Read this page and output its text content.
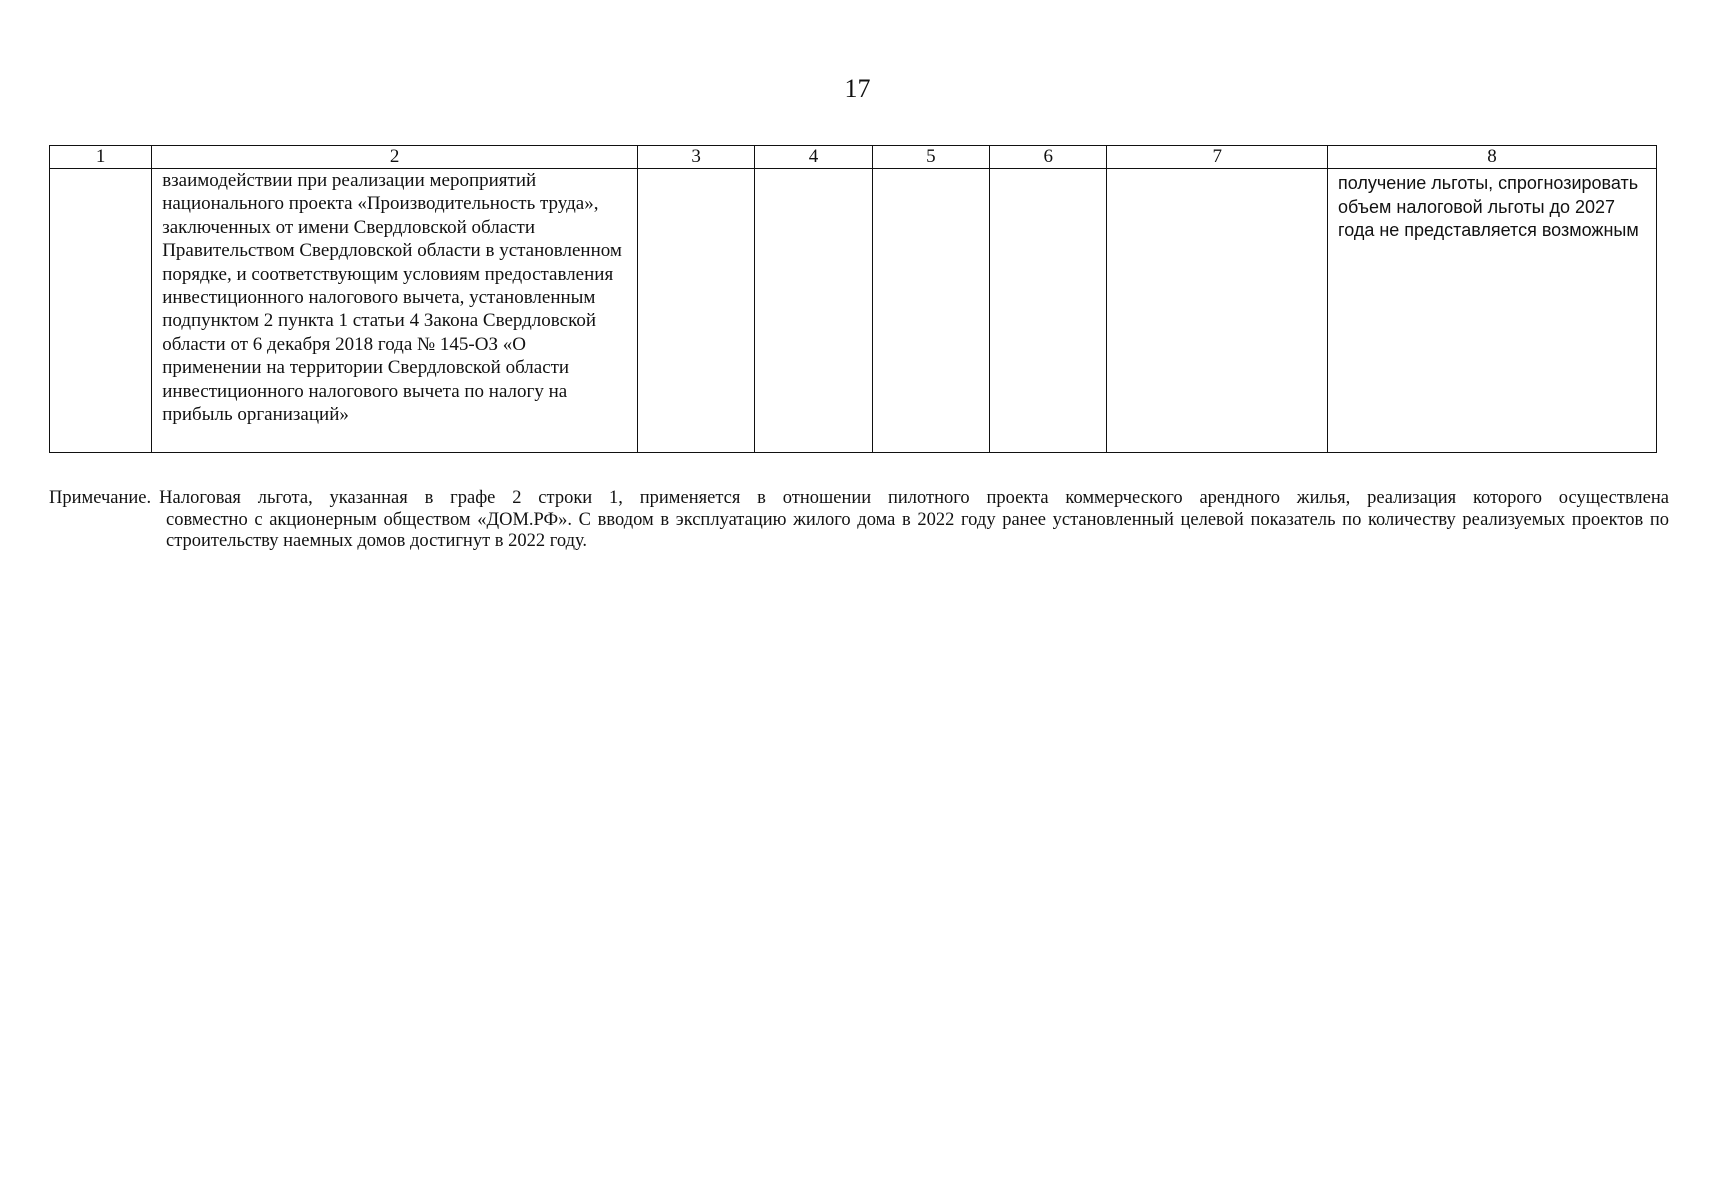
17
1	2	3	4	5	6	7	8
	взаимодействии при реализации мероприятий национального проекта «Производительность труда», заключенных от имени Свердловской области Правительством Свердловской области в установленном порядке, и соответствующим условиям предоставления инвестиционного налогового вычета, установленным подпунктом 2 пункта 1 статьи 4 Закона Свердловской области от 6 декабря 2018 года № 145-ОЗ «О применении на территории Свердловской области инвестиционного налогового вычета по налогу на прибыль организаций»						получение льготы, спрогнозировать объем налоговой льготы до 2027 года не представляется возможным
Примечание. Налоговая льгота, указанная в графе 2 строки 1, применяется в отношении пилотного проекта коммерческого арендного жилья, реализация которого осуществлена
совместно с акционерным обществом «ДОМ.РФ». С вводом в эксплуатацию жилого дома в 2022 году ранее установленный целевой показатель по количеству реализуемых проектов по строительству наемных домов достигнут в 2022 году.
